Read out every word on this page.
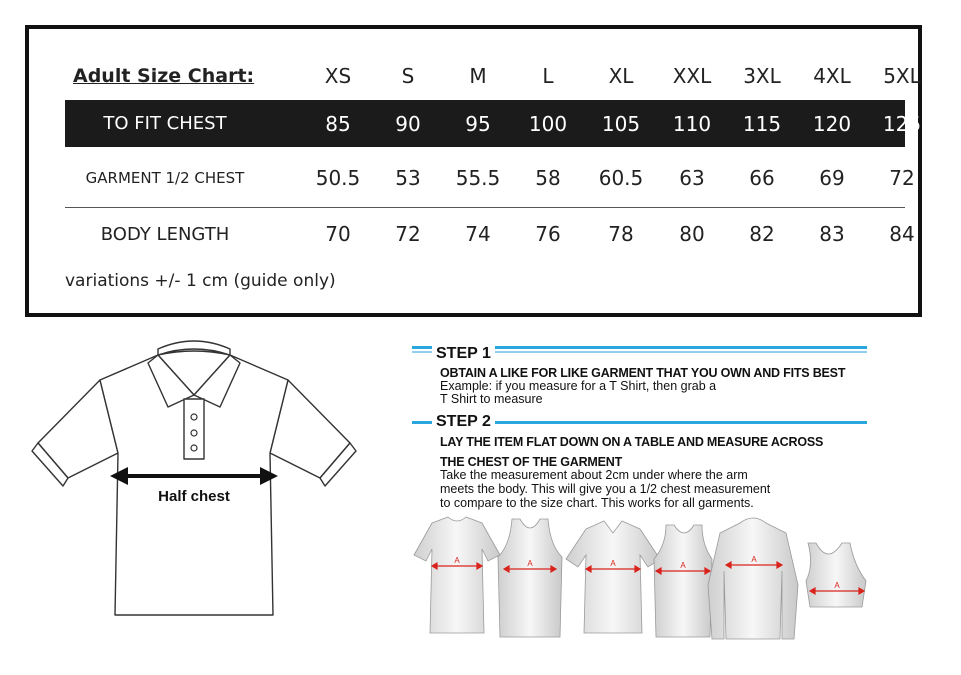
Adult Size Chart:	XS	S	M	L	XL	XXL	3XL	4XL	5XL
TO FIT CHEST	85	90	95	100	105	110	115	120	125
GARMENT 1/2 CHEST	50.5	53	55.5	58	60.5	63	66	69	72
BODY LENGTH	70	72	74	76	78	80	82	83	84
variations +/- 1 cm (guide only)
Half chest
STEP 1
OBTAIN A LIKE FOR LIKE GARMENT THAT YOU OWN AND FITS BEST
Example: if you measure for a T Shirt, then grab a
T Shirt to measure
STEP 2
LAY THE ITEM FLAT DOWN ON A TABLE AND MEASURE ACROSS
THE CHEST OF THE GARMENT
Take the measurement about 2cm under where the arm
meets the body. This will give you a 1/2 chest measurement
to compare to the size chart. This works for all garments.
A	A	A	A
A
A
